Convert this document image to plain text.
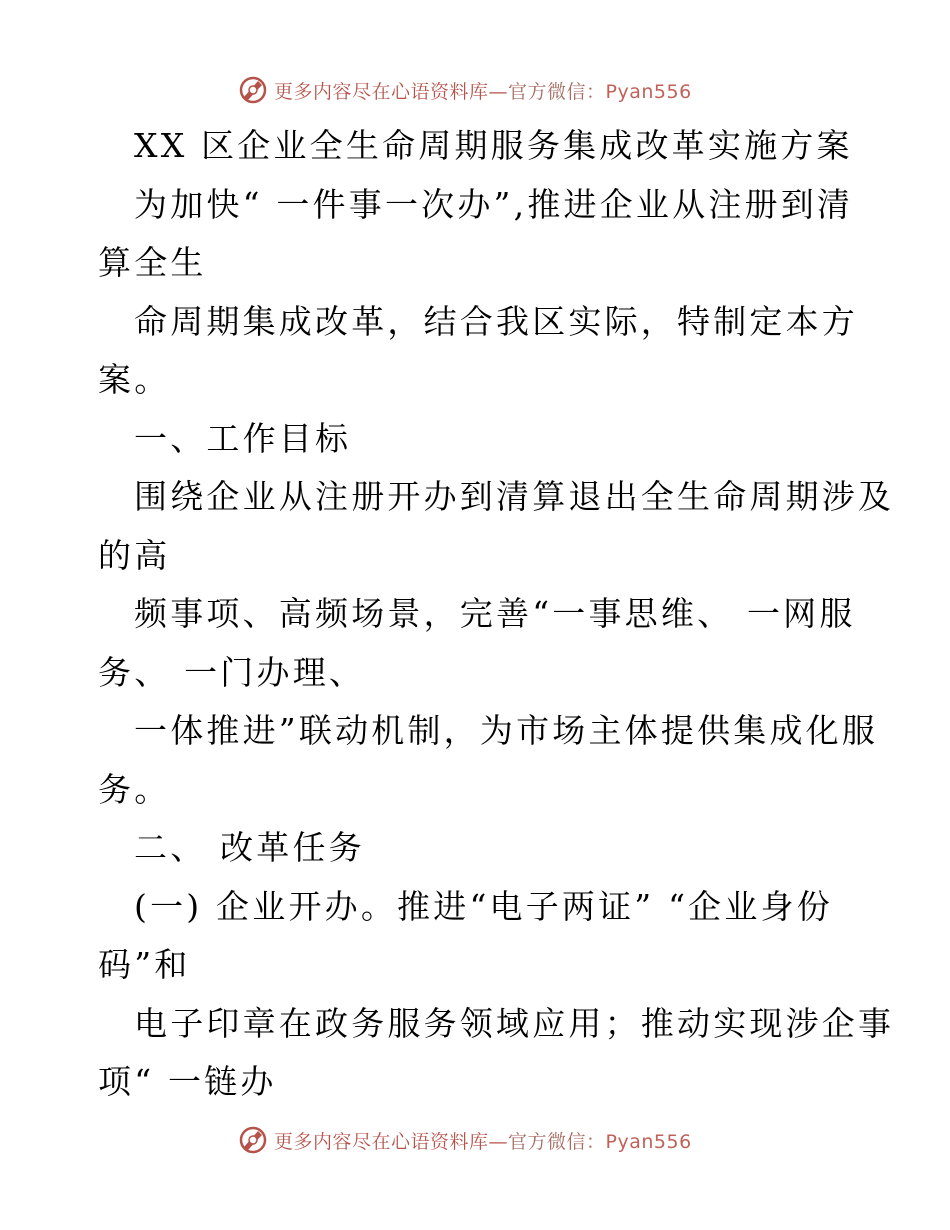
更多内容尽在心语资料库—官方微信：Pyan556
XX 区企业全生命周期服务集成改革实施方案
为加快“ 一件事一次办”,推进企业从注册到清
算全生
命周期集成改革，结合我区实际，特制定本方
案。
一、工作目标
围绕企业从注册开办到清算退出全生命周期涉及
的高
频事项、高频场景，完善“一事思维、 一网服
务、 一门办理、
一体推进”联动机制，为市场主体提供集成化服
务。
二、 改革任务
(一) 企业开办。推进“电子两证” “企业身份
码”和
电子印章在政务服务领域应用；推动实现涉企事
项“ 一链办
更多内容尽在心语资料库—官方微信：Pyan556
